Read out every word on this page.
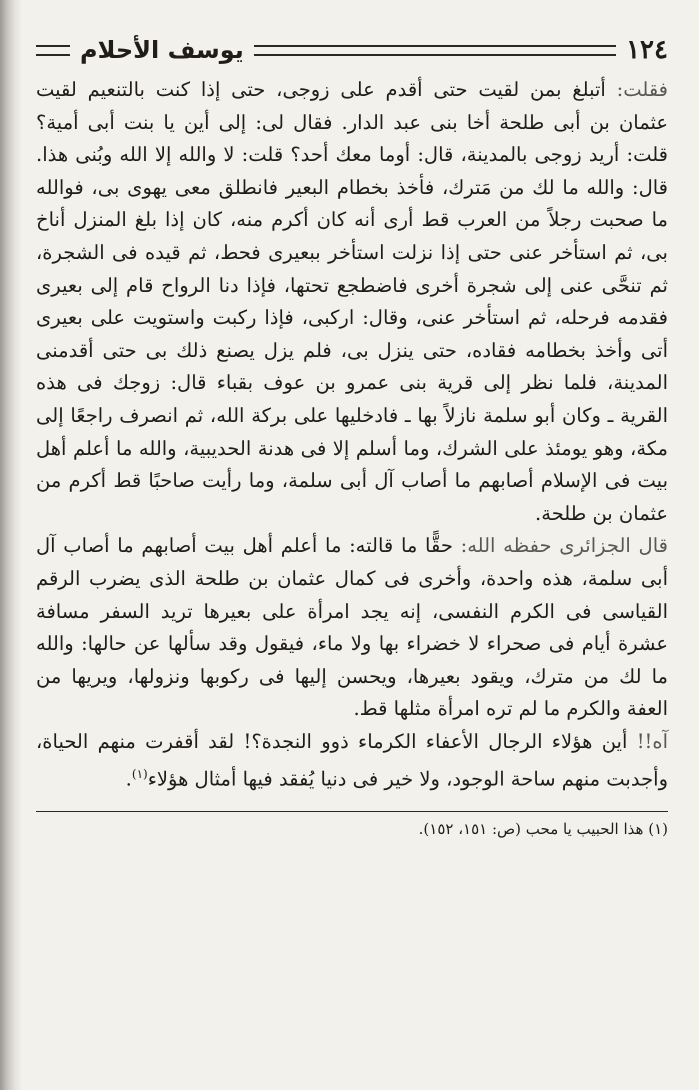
١٢٤
يوسف الأحلام

فقلت: أتبلغ بمن لقيت حتى أقدم على زوجى، حتى إذا كنت بالتنعيم لقيت عثمان بن أبى طلحة أخا بنى عبد الدار. فقال لى: إلى أين يا بنت أبى أمية؟ قلت: أريد زوجى بالمدينة، قال: أوما معك أحد؟ قلت: لا والله إلا الله وبُنى هذا. قال: والله ما لك من مَترك، فأخذ بخطام البعير فانطلق معى يهوى بى، فوالله ما صحبت رجلاً من العرب قط أرى أنه كان أكرم منه، كان إذا بلغ المنزل أناخ بى، ثم استأخر عنى حتى إذا نزلت استأخر ببعيرى فحط، ثم قيده فى الشجرة، ثم تنحَّى عنى إلى شجرة أخرى فاضطجع تحتها، فإذا دنا الرواح قام إلى بعيرى فقدمه فرحله، ثم استأخر عنى، وقال: اركبى، فإذا ركبت واستويت على بعيرى أتى وأخذ بخطامه فقاده، حتى ينزل بى، فلم يزل يصنع ذلك بى حتى أقدمنى المدينة، فلما نظر إلى قرية بنى عمرو بن عوف بقباء قال: زوجك فى هذه القرية ـ وكان أبو سلمة نازلاً بها ـ فادخليها على بركة الله، ثم انصرف راجعًا إلى مكة، وهو يومئذ على الشرك، وما أسلم إلا فى هدنة الحديبية، والله ما أعلم أهل بيت فى الإسلام أصابهم ما أصاب آل أبى سلمة، وما رأيت صاحبًا قط أكرم من عثمان بن طلحة.

قال الجزائرى حفظه الله: حقًّا ما قالته: ما أعلم أهل بيت أصابهم ما أصاب آل أبى سلمة، هذه واحدة، وأخرى فى كمال عثمان بن طلحة الذى يضرب الرقم القياسى فى الكرم النفسى، إنه يجد امرأة على بعيرها تريد السفر مسافة عشرة أيام فى صحراء لا خضراء بها ولا ماء، فيقول وقد سألها عن حالها: والله ما لك من مترك، ويقود بعيرها، ويحسن إليها فى ركوبها ونزولها، ويريها من العفة والكرم ما لم تره امرأة مثلها قط.

آه!! أين هؤلاء الرجال الأعفاء الكرماء ذوو النجدة؟! لقد أقفرت منهم الحياة، وأجدبت منهم ساحة الوجود، ولا خير فى دنيا يُفقد فيها أمثال هؤلاء$^{(١)}$.

(١) هذا الحبيب يا محب (ص: ١٥١، ١٥٢).
